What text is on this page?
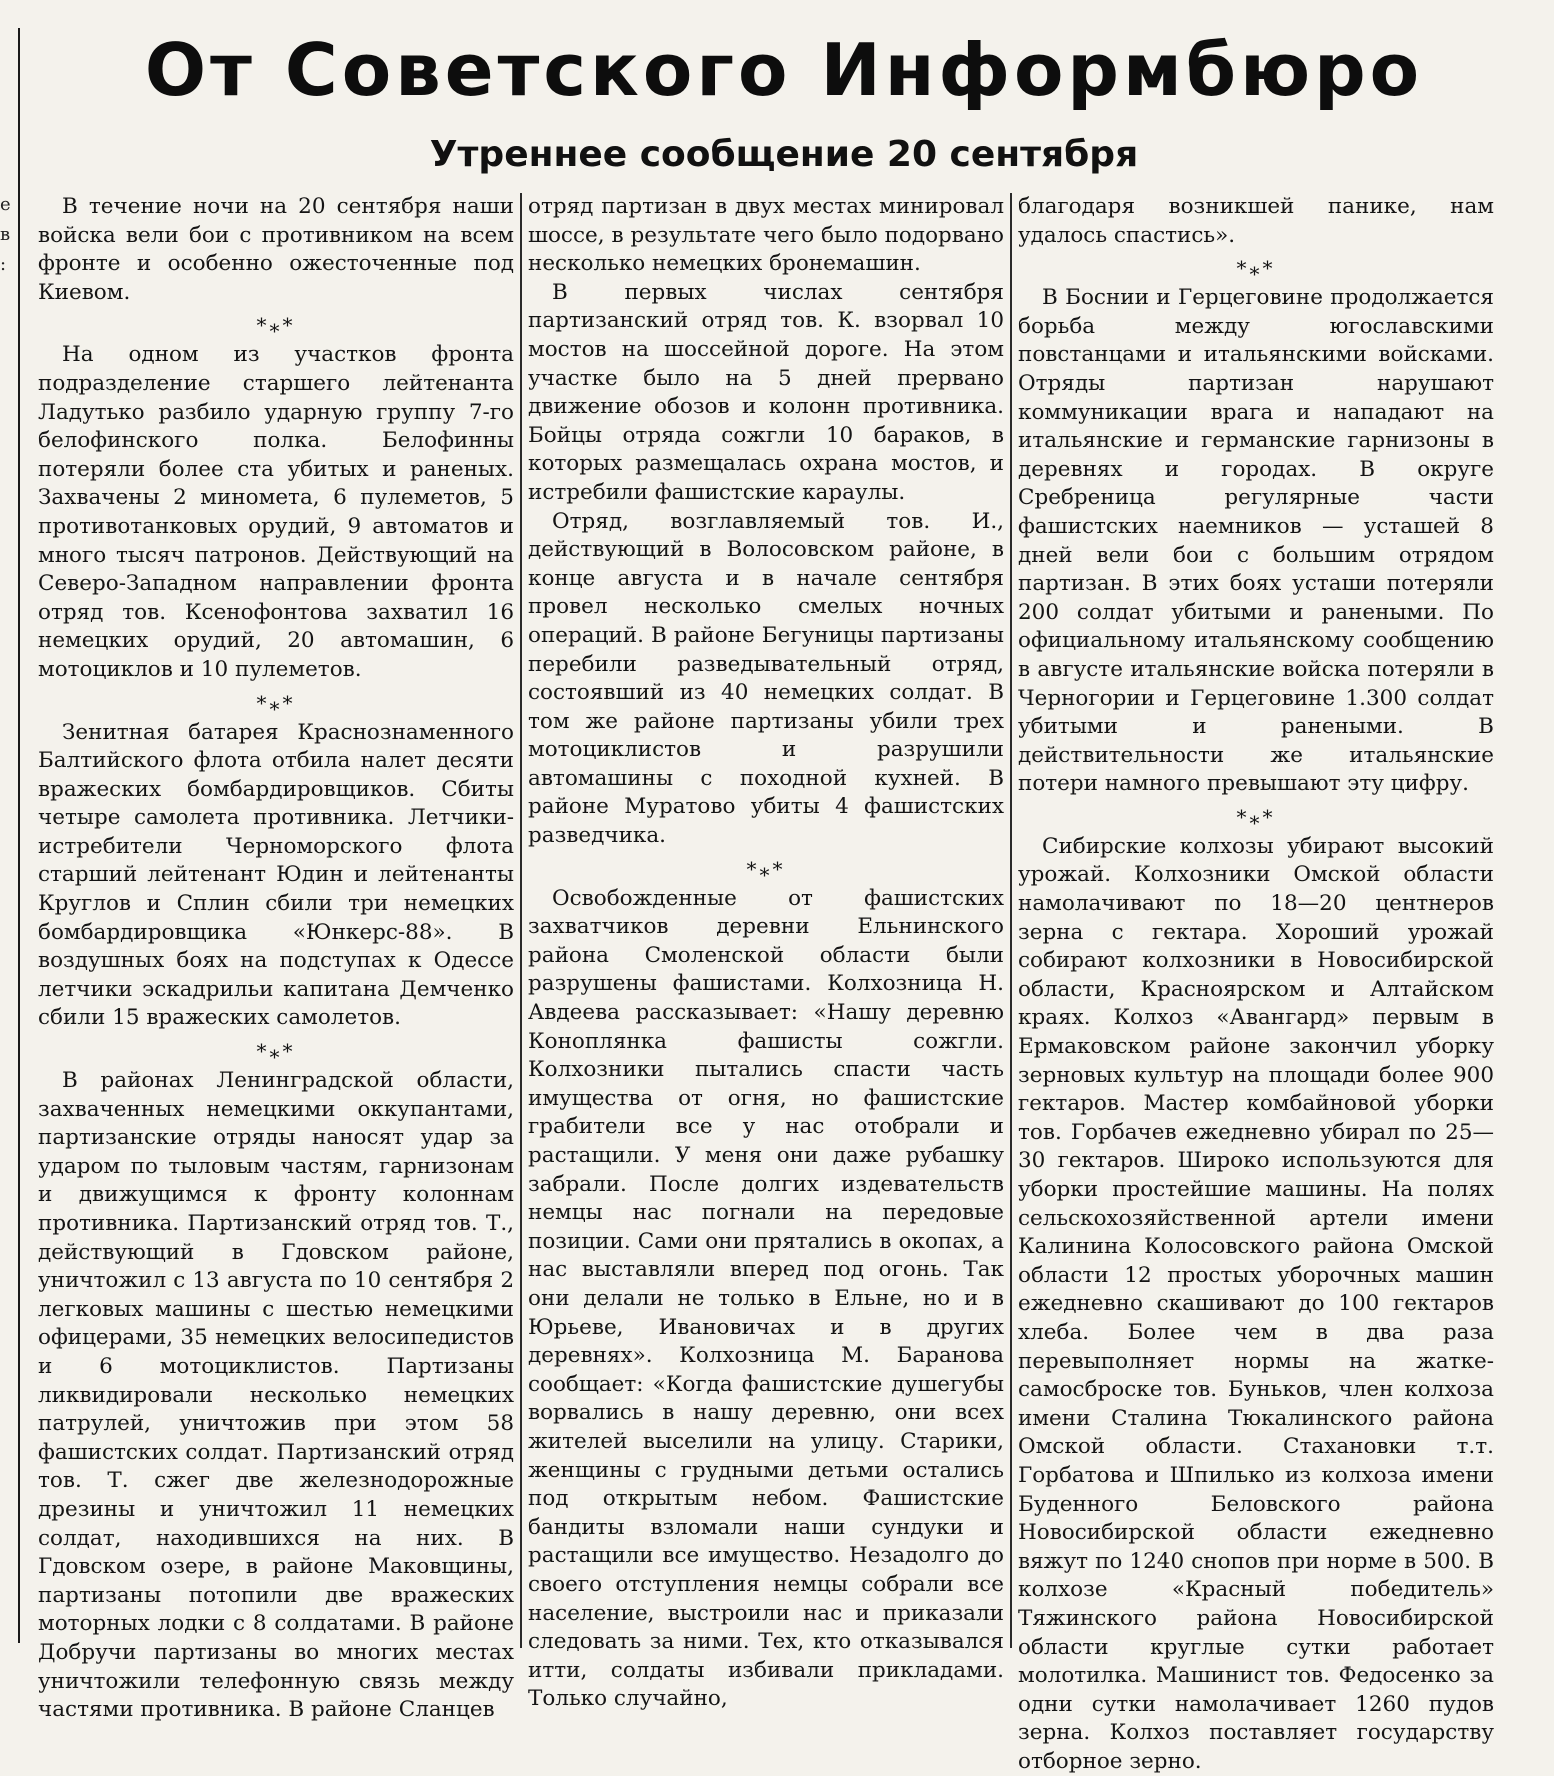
е
в
:
От Советского Информбюро
Утреннее сообщение 20 сентября

В течение ночи на 20 сентября наши войска вели бои с противником на всем фронте и особенно ожесточенные под Киевом.

*⁎*

На одном из участков фронта подразделение старшего лейтенанта Ладутько разбило ударную группу 7-го белофинского полка. Белофинны потеряли более ста убитых и раненых. Захвачены 2 миномета, 6 пулеметов, 5 противотанковых орудий, 9 автоматов и много тысяч патронов. Действующий на Северо-Западном направлении фронта отряд тов. Ксенофонтова захватил 16 немецких орудий, 20 автомашин, 6 мотоциклов и 10 пулеметов.

*⁎*

Зенитная батарея Краснознаменного Балтийского флота отбила налет десяти вражеских бомбардировщиков. Сбиты четыре самолета противника. Летчики-истребители Черноморского флота старший лейтенант Юдин и лейтенанты Круглов и Сплин сбили три немецких бомбардировщика «Юнкерс-88». В воздушных боях на подступах к Одессе летчики эскадрильи капитана Демченко сбили 15 вражеских самолетов.

*⁎*

В районах Ленинградской области, захваченных немецкими оккупантами, партизанские отряды наносят удар за ударом по тыловым частям, гарнизонам и движущимся к фронту колоннам противника. Партизанский отряд тов. Т., действующий в Гдовском районе, уничтожил с 13 августа по 10 сентября 2 легковых машины с шестью немецкими офицерами, 35 немецких велосипедистов и 6 мотоциклистов. Партизаны ликвидировали несколько немецких патрулей, уничтожив при этом 58 фашистских солдат. Партизанский отряд тов. Т. сжег две железнодорожные дрезины и уничтожил 11 немецких солдат, находившихся на них. В Гдовском озере, в районе Маковщины, партизаны потопили две вражеских моторных лодки с 8 солдатами. В районе Добручи партизаны во многих местах уничтожили телефонную связь между частями противника. В районе Сланцев

отряд партизан в двух местах минировал шоссе, в результате чего было подорвано несколько немецких бронемашин.

В первых числах сентября партизанский отряд тов. К. взорвал 10 мостов на шоссейной дороге. На этом участке было на 5 дней прервано движение обозов и колонн противника. Бойцы отряда сожгли 10 бараков, в которых размещалась охрана мостов, и истребили фашистские караулы.

Отряд, возглавляемый тов. И., действующий в Волосовском районе, в конце августа и в начале сентября провел несколько смелых ночных операций. В районе Бегуницы партизаны перебили разведывательный отряд, состоявший из 40 немецких солдат. В том же районе партизаны убили трех мотоциклистов и разрушили автомашины с походной кухней. В районе Муратово убиты 4 фашистских разведчика.

*⁎*

Освобожденные от фашистских захватчиков деревни Ельнинского района Смоленской области были разрушены фашистами. Колхозница Н. Авдеева рассказывает: «Нашу деревню Коноплянка фашисты сожгли. Колхозники пытались спасти часть имущества от огня, но фашистские грабители все у нас отобрали и растащили. У меня они даже рубашку забрали. После долгих издевательств немцы нас погнали на передовые позиции. Сами они прятались в окопах, а нас выставляли вперед под огонь. Так они делали не только в Ельне, но и в Юрьеве, Ивановичах и в других деревнях». Колхозница М. Баранова сообщает: «Когда фашистские душегубы ворвались в нашу деревню, они всех жителей выселили на улицу. Старики, женщины с грудными детьми остались под открытым небом. Фашистские бандиты взломали наши сундуки и растащили все имущество. Незадолго до своего отступления немцы собрали все население, выстроили нас и приказали следовать за ними. Тех, кто отказывался итти, солдаты избивали прикладами. Только случайно,

благодаря возникшей панике, нам удалось спастись».

*⁎*

В Боснии и Герцеговине продолжается борьба между югославскими повстанцами и итальянскими войсками. Отряды партизан нарушают коммуникации врага и нападают на итальянские и германские гарнизоны в деревнях и городах. В округе Сребреница регулярные части фашистских наемников — усташей 8 дней вели бои с большим отрядом партизан. В этих боях усташи потеряли 200 солдат убитыми и ранеными. По официальному итальянскому сообщению в августе итальянские войска потеряли в Черногории и Герцеговине 1.300 солдат убитыми и ранеными. В действительности же итальянские потери намного превышают эту цифру.

*⁎*

Сибирские колхозы убирают высокий урожай. Колхозники Омской области намолачивают по 18—20 центнеров зерна с гектара. Хороший урожай собирают колхозники в Новосибирской области, Красноярском и Алтайском краях. Колхоз «Авангард» первым в Ермаковском районе закончил уборку зерновых культур на площади более 900 гектаров. Мастер комбайновой уборки тов. Горбачев ежедневно убирал по 25—30 гектаров. Широко используются для уборки простейшие машины. На полях сельскохозяйственной артели имени Калинина Колосовского района Омской области 12 простых уборочных машин ежедневно скашивают до 100 гектаров хлеба. Более чем в два раза перевыполняет нормы на жатке-самосброске тов. Буньков, член колхоза имени Сталина Тюкалинского района Омской области. Стахановки т.т. Горбатова и Шпилько из колхоза имени Буденного Беловского района Новосибирской области ежедневно вяжут по 1240 снопов при норме в 500. В колхозе «Красный победитель» Тяжинского района Новосибирской области круглые сутки работает молотилка. Машинист тов. Федосенко за одни сутки намолачивает 1260 пудов зерна. Колхоз поставляет государству отборное зерно.
